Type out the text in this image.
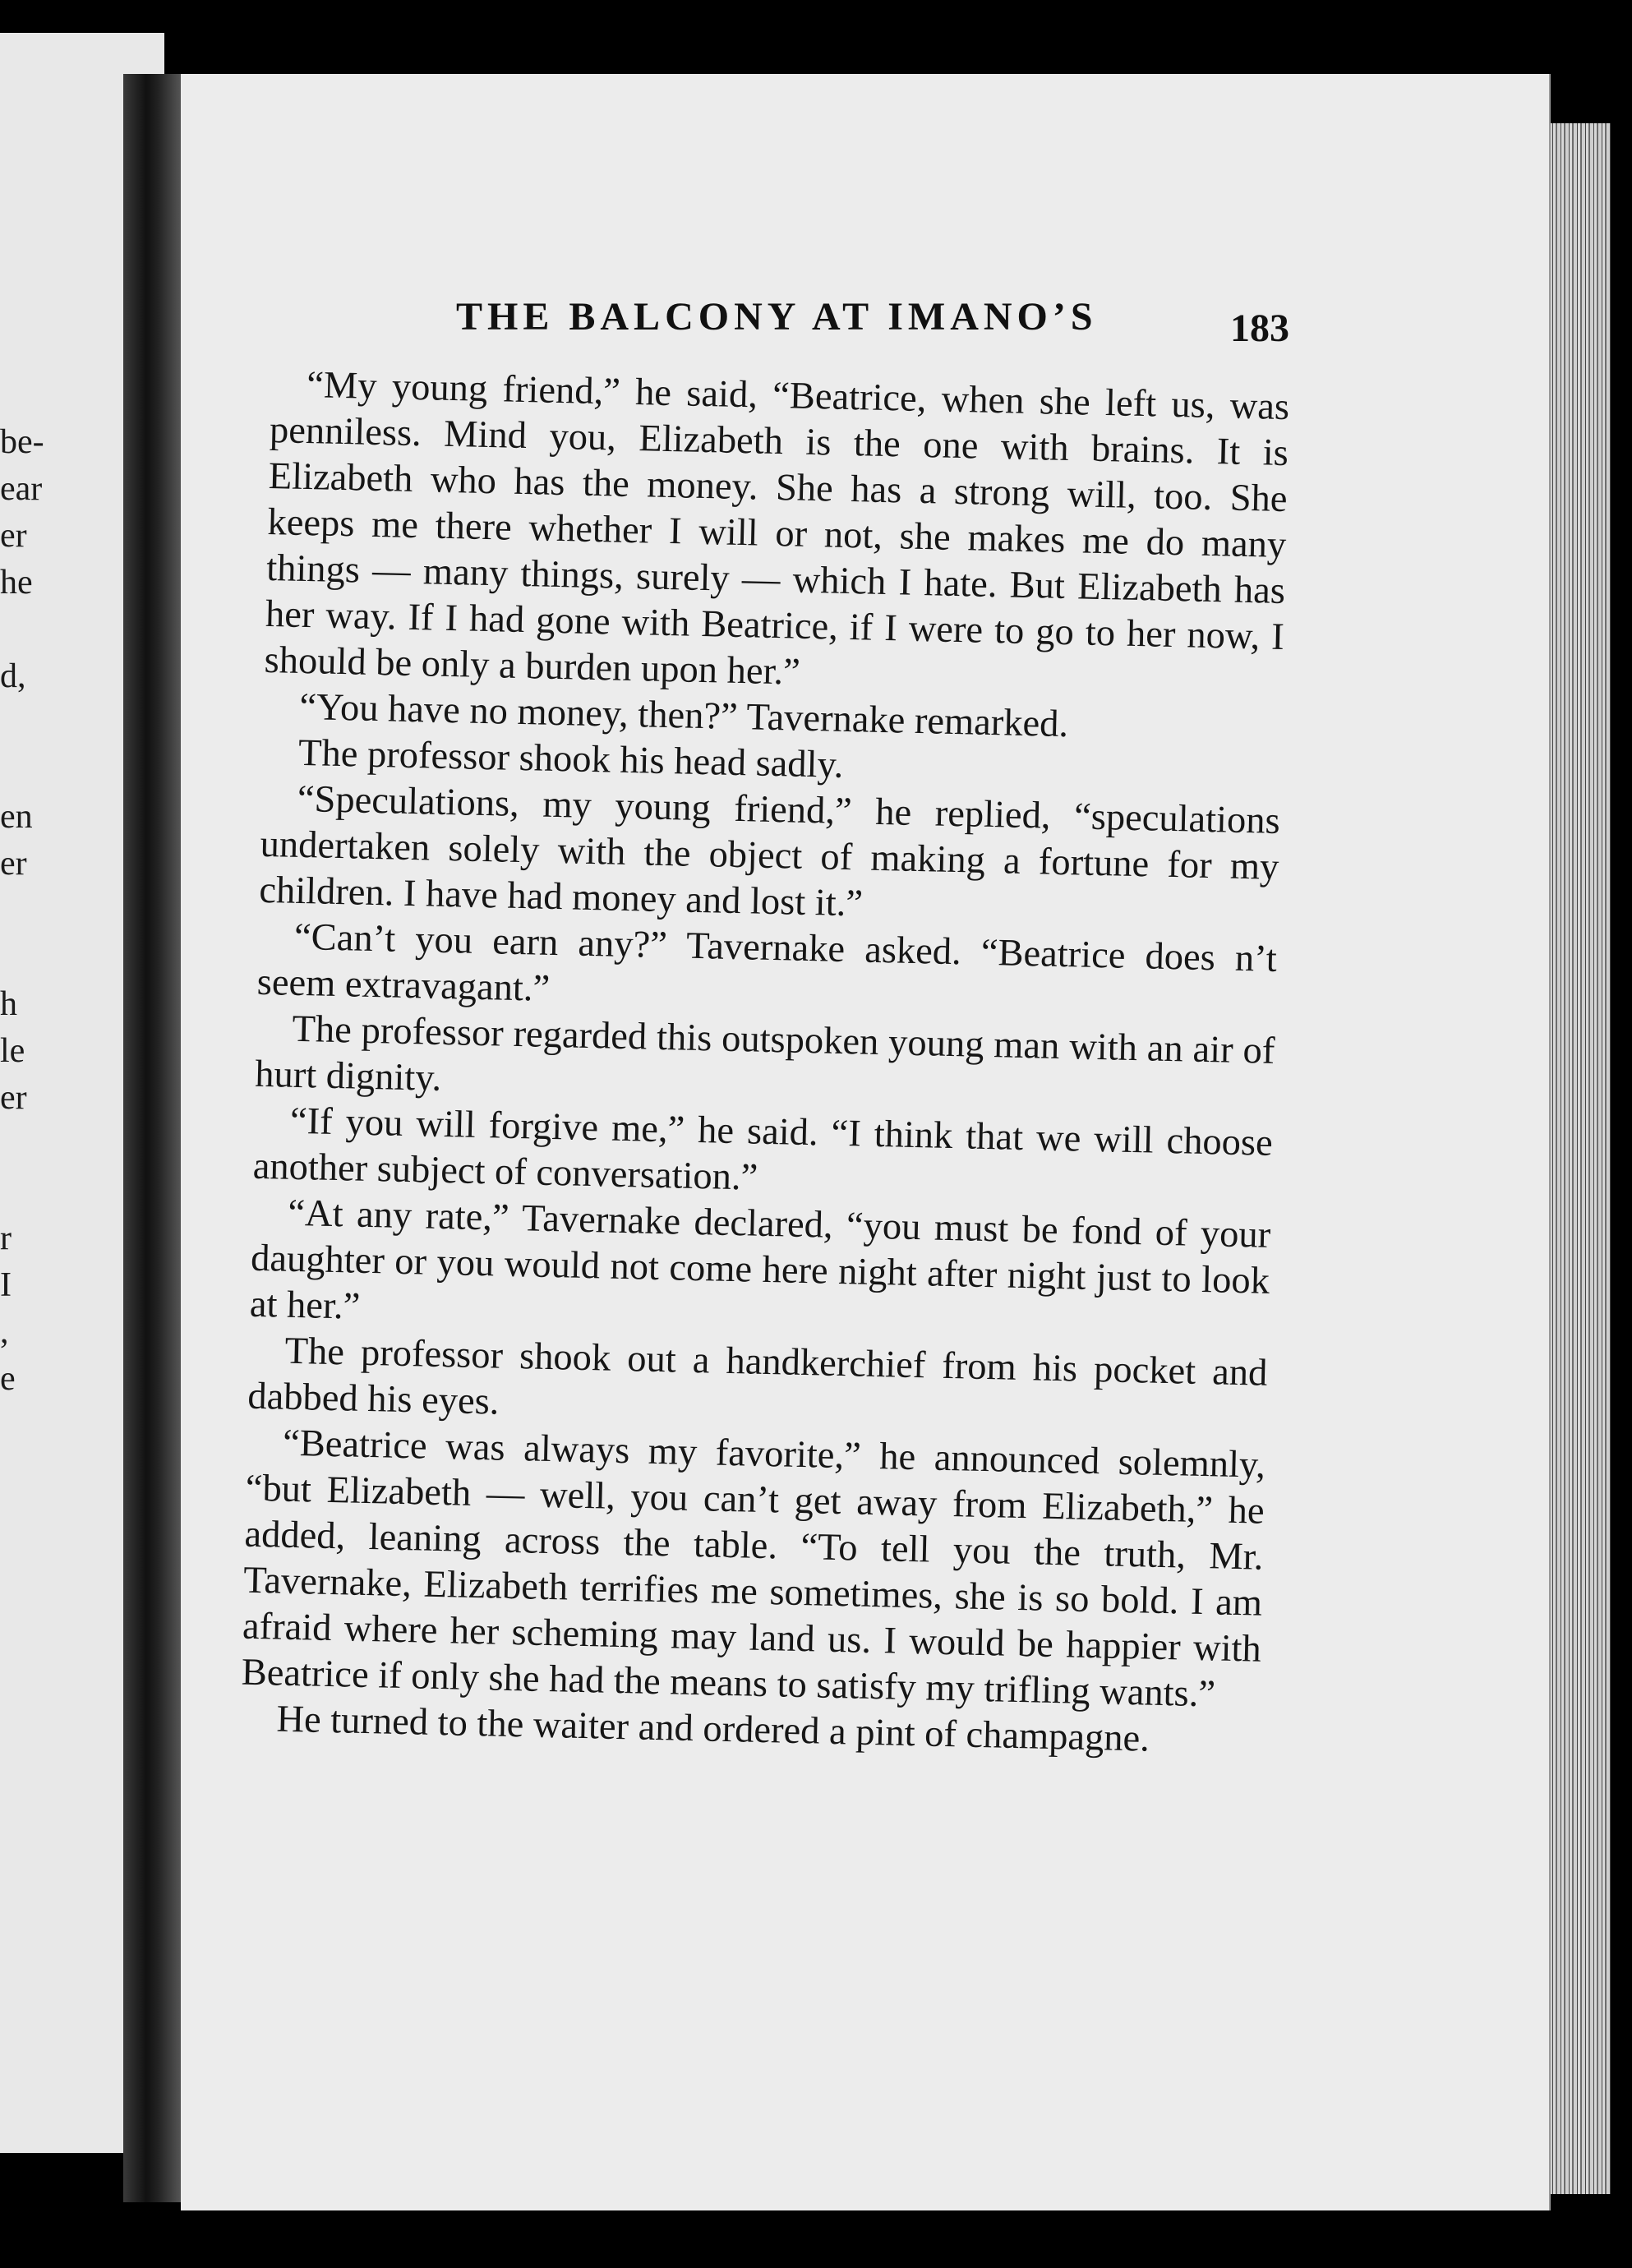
be-
ear
er
he

d,

en
er

h
le
er

r
I
,
e
THE BALCONY AT IMANO’S	183

“My young friend,” he said, “Beatrice, when she left us, was penniless. Mind you, Elizabeth is the one with brains. It is Elizabeth who has the money. She has a strong will, too. She keeps me there whether I will or not, she makes me do many things — many things, surely — which I hate. But Elizabeth has her way. If I had gone with Beatrice, if I were to go to her now, I should be only a burden upon her.”

“You have no money, then?” Tavernake remarked.

The professor shook his head sadly.

“Speculations, my young friend,” he replied, “speculations undertaken solely with the object of making a fortune for my children. I have had money and lost it.”

“Can’t you earn any?” Tavernake asked. “Beatrice does n’t seem extravagant.”

The professor regarded this outspoken young man with an air of hurt dignity.

“If you will forgive me,” he said. “I think that we will choose another subject of conversation.”

“At any rate,” Tavernake declared, “you must be fond of your daughter or you would not come here night after night just to look at her.”

The professor shook out a handkerchief from his pocket and dabbed his eyes.

“Beatrice was always my favorite,” he announced solemnly, “but Elizabeth — well, you can’t get away from Elizabeth,” he added, leaning across the table. “To tell you the truth, Mr. Tavernake, Elizabeth terrifies me sometimes, she is so bold. I am afraid where her scheming may land us. I would be happier with Beatrice if only she had the means to satisfy my trifling wants.”

He turned to the waiter and ordered a pint of champagne.
